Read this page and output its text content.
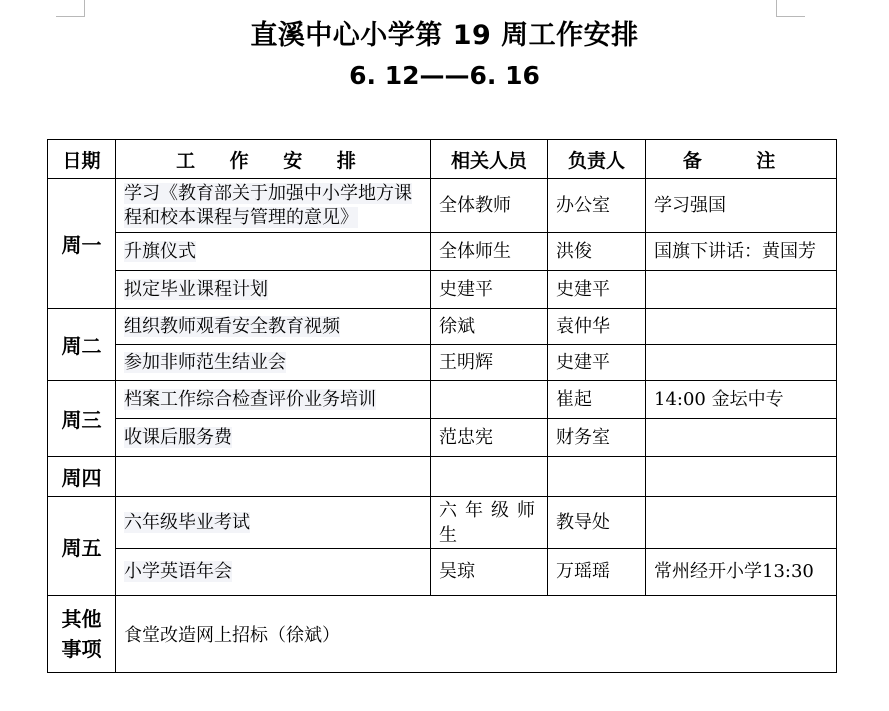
直溪中心小学第 19 周工作安排
6. 12——6. 16
日期	工 作 安 排	相关人员	负责人	备 注
周一	学习《教育部关于加强中小学地方课程和校本课程与管理的意见》	全体教师	办公室	学习强国
	升旗仪式	全体师生	洪俊	国旗下讲话：黄国芳
	拟定毕业课程计划	史建平	史建平	
周二	组织教师观看安全教育视频	徐斌	袁仲华	
	参加非师范生结业会	王明辉	史建平	
周三	档案工作综合检查评价业务培训		崔起	14:00 金坛中专
	收课后服务费	范忠宪	财务室	
周四				
周五	六年级毕业考试	六年级师生	教导处	
	小学英语年会	吴琼	万瑶瑶	常州经开小学13:30
其他事项	食堂改造网上招标（徐斌）			
